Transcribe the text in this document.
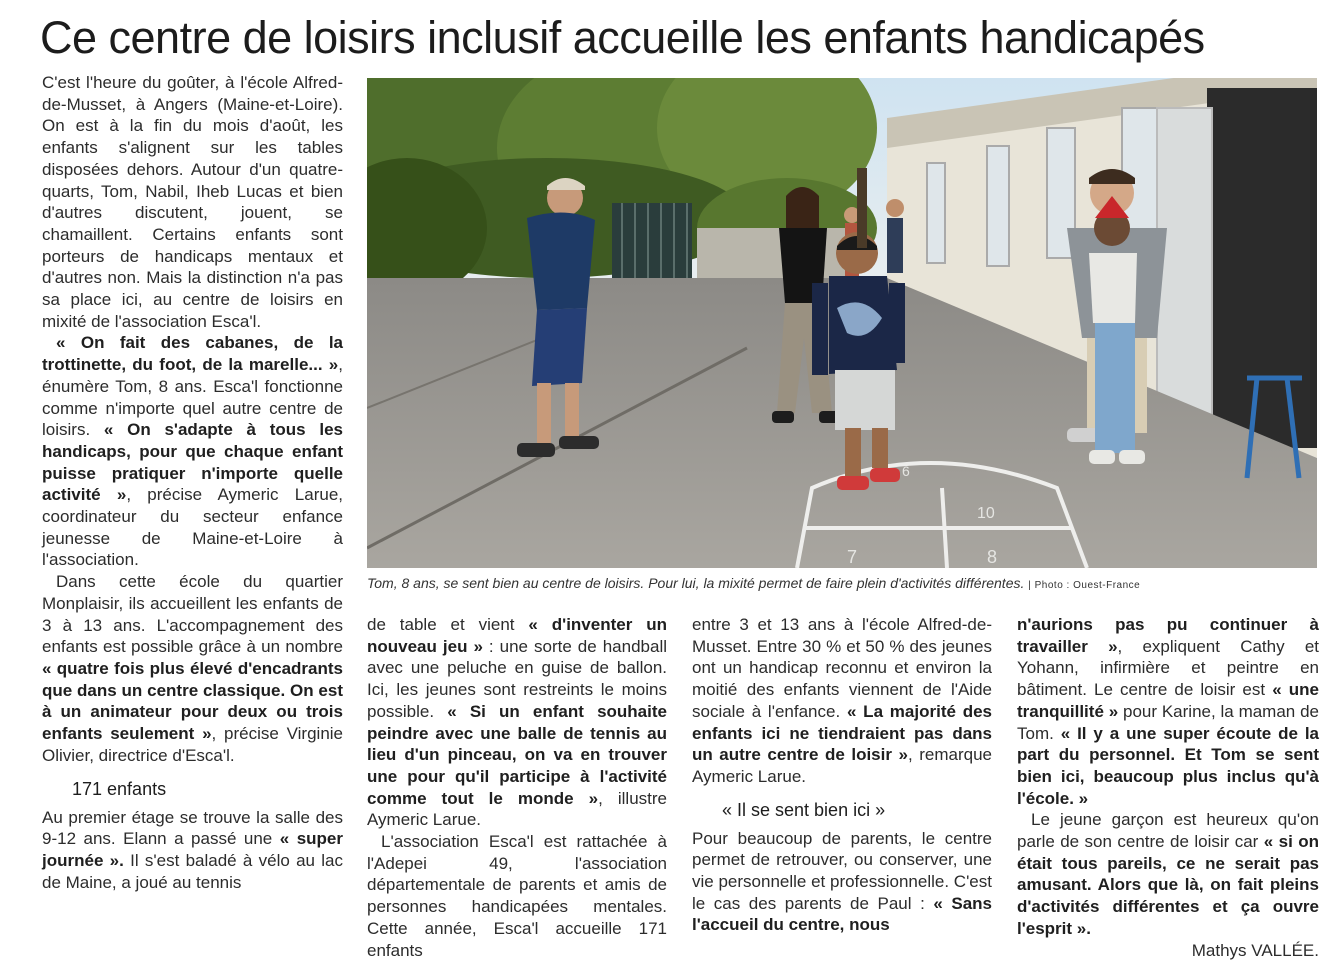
Ce centre de loisirs inclusif accueille les enfants handicapés

C'est l'heure du goûter, à l'école Alfred-de-Musset, à Angers (Maine-et-Loire). On est à la fin du mois d'août, les enfants s'alignent sur les tables disposées dehors. Autour d'un quatre-quarts, Tom, Nabil, Iheb Lucas et bien d'autres discutent, jouent, se chamaillent. Certains enfants sont porteurs de handicaps mentaux et d'autres non. Mais la distinction n'a pas sa place ici, au centre de loisirs en mixité de l'association Esca'l.

« On fait des cabanes, de la trottinette, du foot, de la marelle... », énumère Tom, 8 ans. Esca'l fonctionne comme n'importe quel autre centre de loisirs. « On s'adapte à tous les handicaps, pour que chaque enfant puisse pratiquer n'importe quelle activité », précise Aymeric Larue, coordinateur du secteur enfance jeunesse de Maine-et-Loire à l'association.

Dans cette école du quartier Monplaisir, ils accueillent les enfants de 3 à 13 ans. L'accompagnement des enfants est possible grâce à un nombre « quatre fois plus élevé d'encadrants que dans un centre classique. On est à un animateur pour deux ou trois enfants seulement », précise Virginie Olivier, directrice d'Esca'l.

171 enfants

Au premier étage se trouve la salle des 9-12 ans. Elann a passé une « super journée ». Il s'est baladé à vélo au lac de Maine, a joué au tennis

6
10
7	8
Tom, 8 ans, se sent bien au centre de loisirs. Pour lui, la mixité permet de faire plein d'activités différentes. | Photo : Ouest-France

de table et vient « d'inventer un nouveau jeu » : une sorte de handball avec une peluche en guise de ballon. Ici, les jeunes sont restreints le moins possible. « Si un enfant souhaite peindre avec une balle de tennis au lieu d'un pinceau, on va en trouver une pour qu'il participe à l'activité comme tout le monde », illustre Aymeric Larue.

L'association Esca'l est rattachée à l'Adepei 49, l'association départementale de parents et amis de personnes handicapées mentales. Cette année, Esca'l accueille 171 enfants

entre 3 et 13 ans à l'école Alfred-de-Musset. Entre 30 % et 50 % des jeunes ont un handicap reconnu et environ la moitié des enfants viennent de l'Aide sociale à l'enfance. « La majorité des enfants ici ne tiendraient pas dans un autre centre de loisir », remarque Aymeric Larue.

« Il se sent bien ici »

Pour beaucoup de parents, le centre permet de retrouver, ou conserver, une vie personnelle et professionnelle. C'est le cas des parents de Paul : « Sans l'accueil du centre, nous

n'aurions pas pu continuer à travailler », expliquent Cathy et Yohann, infirmière et peintre en bâtiment. Le centre de loisir est « une tranquillité » pour Karine, la maman de Tom. « Il y a une super écoute de la part du personnel. Et Tom se sent bien ici, beaucoup plus inclus qu'à l'école. »

Le jeune garçon est heureux qu'on parle de son centre de loisir car « si on était tous pareils, ce ne serait pas amusant. Alors que là, on fait pleins d'activités différentes et ça ouvre l'esprit ».

Mathys VALLÉE.
